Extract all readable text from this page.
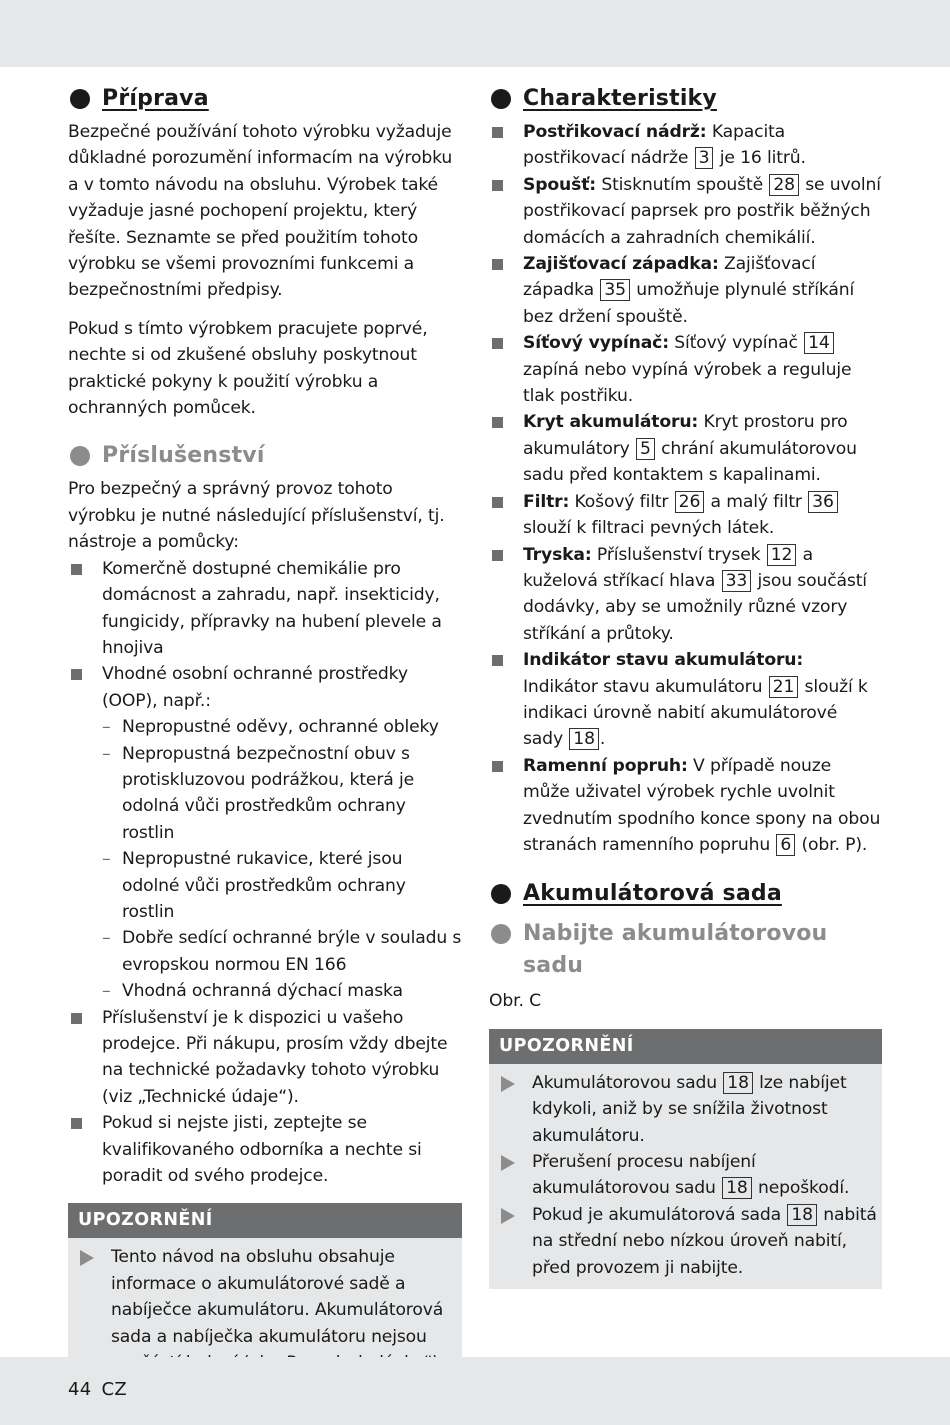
Příprava

Bezpečné používání tohoto výrobku vyžaduje důkladné porozumění informacím na výrobku a v tomto návodu na obsluhu. Výrobek také vyžaduje jasné pochopení projektu, který řešíte. Seznamte se před použitím tohoto výrobku se všemi provozními funkcemi a bezpečnostními předpisy.

Pokud s tímto výrobkem pracujete poprvé, nechte si od zkušené obsluhy poskytnout praktické pokyny k použití výrobku a ochranných pomůcek.

Příslušenství

Pro bezpečný a správný provoz tohoto výrobku je nutné následující příslušenství, tj. nástroje a pomůcky:

Komerčně dostupné chemikálie pro domácnost a zahradu, např. insekticidy, fungicidy, přípravky na hubení plevele a hnojiva
Vhodné osobní ochranné prostředky (OOP), např.:
– Nepropustné oděvy, ochranné obleky
– Nepropustná bezpečnostní obuv s protiskluzovou podrážkou, která je odolná vůči prostředkům ochrany rostlin
– Nepropustné rukavice, které jsou odolné vůči prostředkům ochrany rostlin
– Dobře sedící ochranné brýle v souladu s evropskou normou EN 166
– Vhodná ochranná dýchací maska
Příslušenství je k dispozici u vašeho prodejce. Při nákupu, prosím vždy dbejte na technické požadavky tohoto výrobku (viz „Technické údaje“).
Pokud si nejste jisti, zeptejte se kvalifikovaného odborníka a nechte si poradit od svého prodejce.
UPOZORNĚNÍ
Tento návod na obsluhu obsahuje informace o akumulátorové sadě a nabíječce akumulátoru. Akumulátorová sada a nabíječka akumulátoru nejsou
Charakteristiky
Postřikovací nádrž: Kapacita postřikovací nádrže 3 je 16 litrů.
Spoušť: Stisknutím spouště 28 se uvolní postřikovací paprsek pro postřik běžných domácích a zahradních chemikálií.
Zajišťovací západka: Zajišťovací západka 35 umožňuje plynulé stříkání bez držení spouště.
Síťový vypínač: Síťový vypínač 14 zapíná nebo vypíná výrobek a reguluje tlak postřiku.
Kryt akumulátoru: Kryt prostoru pro akumulátory 5 chrání akumulátorovou sadu před kontaktem s kapalinami.
Filtr: Košový filtr 26 a malý filtr 36 slouží k filtraci pevných látek.
Tryska: Příslušenství trysek 12 a kuželová stříkací hlava 33 jsou součástí dodávky, aby se umožnily různé vzory stříkání a průtoky.
Indikátor stavu akumulátoru: Indikátor stavu akumulátoru 21 slouží k indikaci úrovně nabití akumulátorové sady 18 .
Ramenní popruh: V případě nouze může uživatel výrobek rychle uvolnit zvednutím spodního konce spony na obou stranách ramenního popruhu 6 (obr. P).
Akumulátorová sada
Nabijte akumulátorovou sadu

Obr. C

UPOZORNĚNÍ
Akumulátorovou sadu 18 lze nabíjet kdykoli, aniž by se snížila životnost akumulátoru.
Přerušení procesu nabíjení akumulátorovou sadu 18 nepoškodí.
Pokud je akumulátorová sada 18 nabitá na střední nebo nízkou úroveň nabití, před provozem ji nabijte.
44 CZ
